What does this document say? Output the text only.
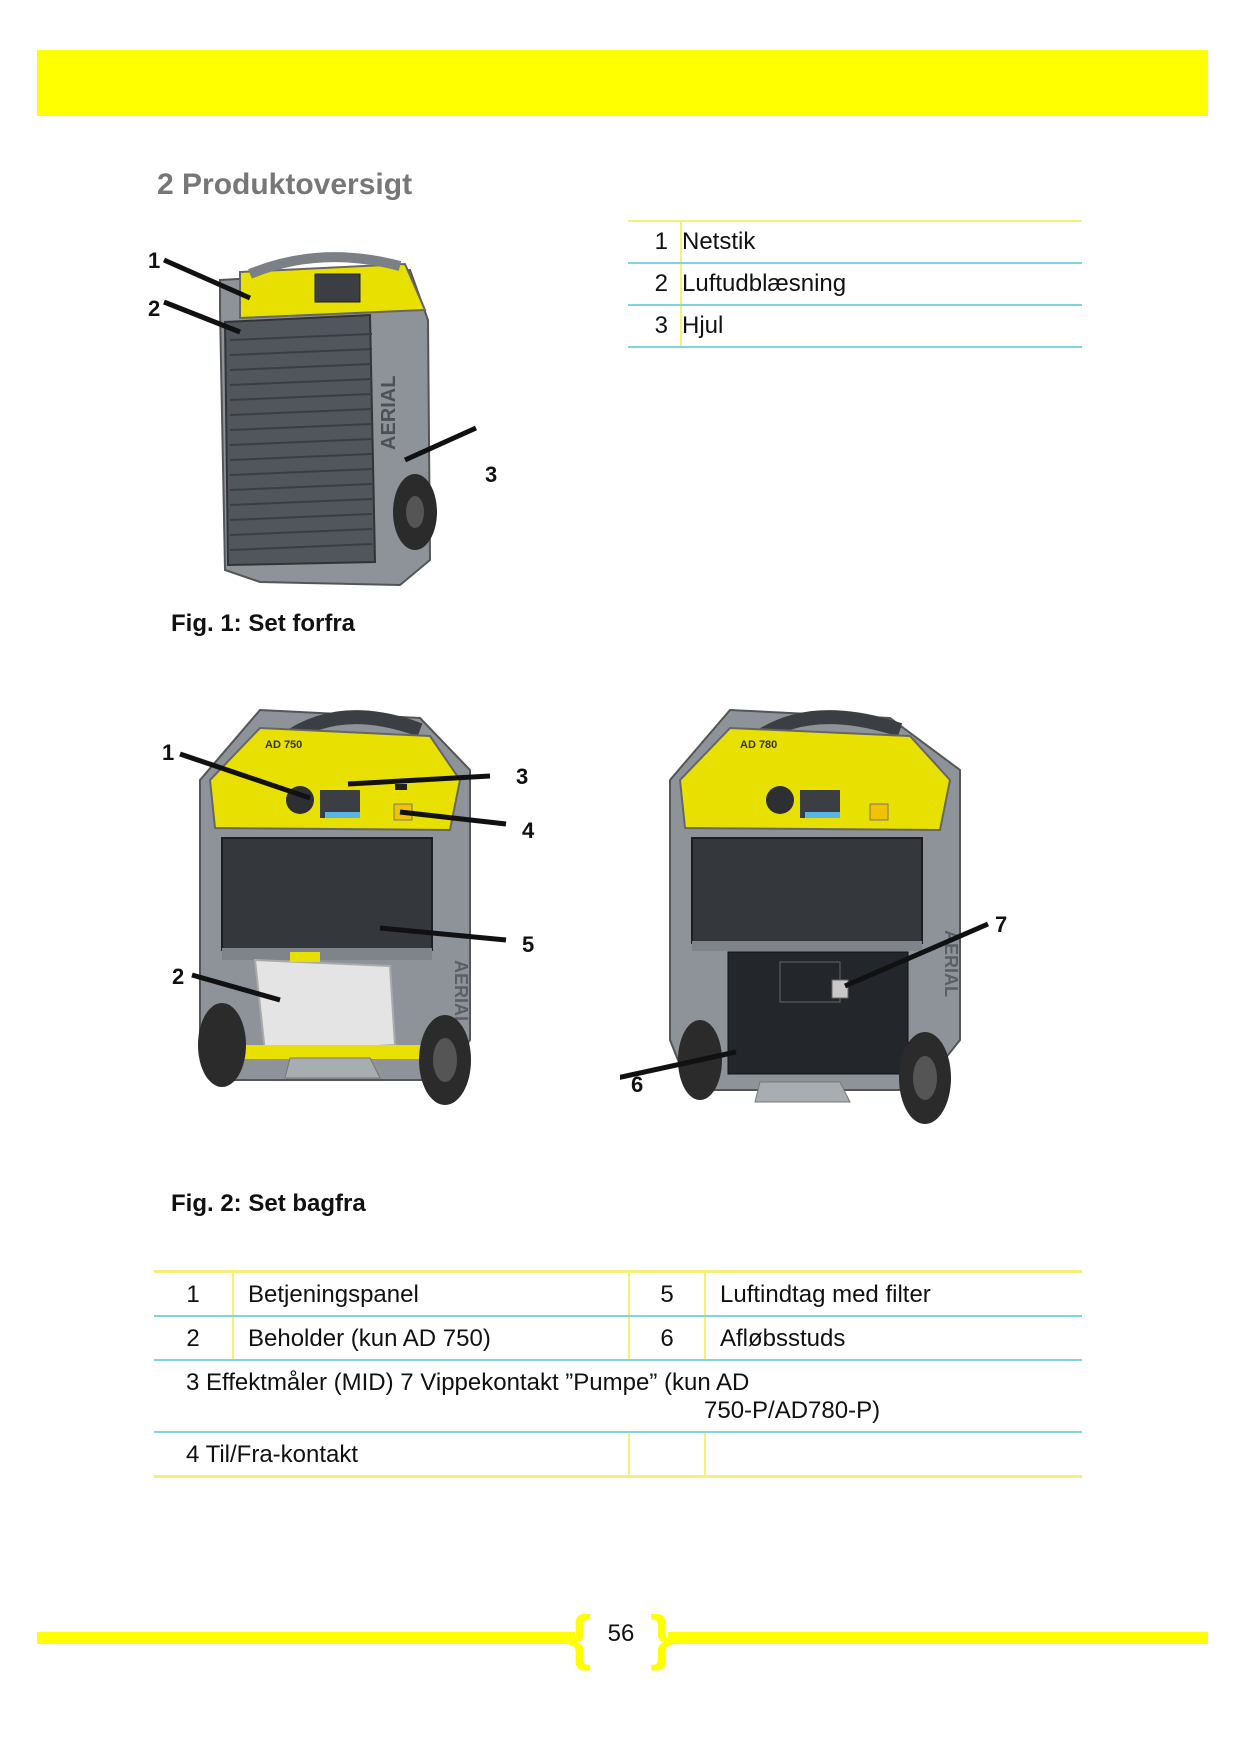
2 Produktoversigt
1	Netstik
2	Luftudblæsning
3	Hjul
AERIAL
1
2
3

Fig. 1: Set forfra

AD 750
AERIAL
1
2
3
4
5
AD 780
AERIAL
7
6

Fig. 2: Set bagfra

1	Betjeningspanel	5	Luftindtag med filter
2	Beholder (kun AD 750)	6	Afløbsstuds

3 Effektmåler (MID) 7 Vippekontakt ”Pumpe” (kun AD
750-P/AD780-P)			

4 Til/Fra-kontakt			
{ }
56
